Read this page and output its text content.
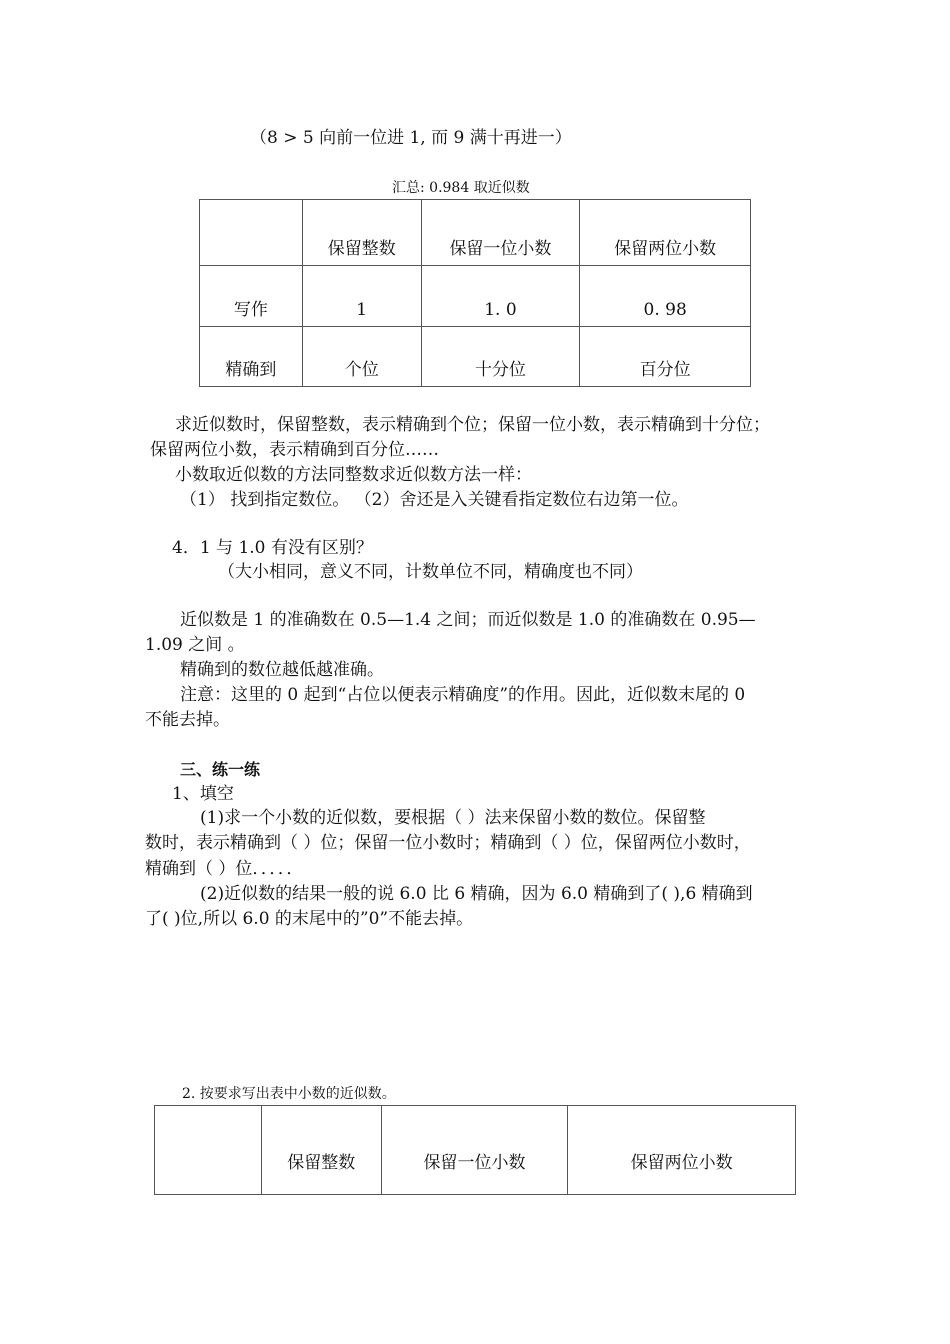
（8 > 5 向前一位进 1, 而 9 满十再进一）
汇总: 0.984 取近似数
	保留整数	保留一位小数	保留两位小数
写作	1	1. 0	0. 98
精确到	个位	十分位	百分位
求近似数时，保留整数，表示精确到个位；保留一位小数，表示精确到十分位；
保留两位小数，表示精确到百分位……
小数取近似数的方法同整数求近似数方法一样：
（1） 找到指定数位。 （2）舍还是入关键看指定数位右边第一位。
4．1 与 1.0 有没有区别？
（大小相同，意义不同，计数单位不同，精确度也不同）
近似数是 1 的准确数在 0.5—1.4 之间；而近似数是 1.0 的准确数在 0.95—
1.09 之间 。
精确到的数位越低越准确。
注意：这里的 0 起到“占位以便表示精确度”的作用。因此，近似数末尾的 0
不能去掉。
三、练一练
1、填空
(1)求一个小数的近似数，要根据（ ）法来保留小数的数位。保留整
数时，表示精确到（ ）位；保留一位小数时；精确到（ ）位，保留两位小数时，
精确到（ ）位．．．．．
(2)近似数的结果一般的说 6.0 比 6 精确，因为 6.0 精确到了( ),6 精确到
了( )位,所以 6.0 的末尾中的”0”不能去掉。
2. 按要求写出表中小数的近似数。
	保留整数	保留一位小数	保留两位小数
